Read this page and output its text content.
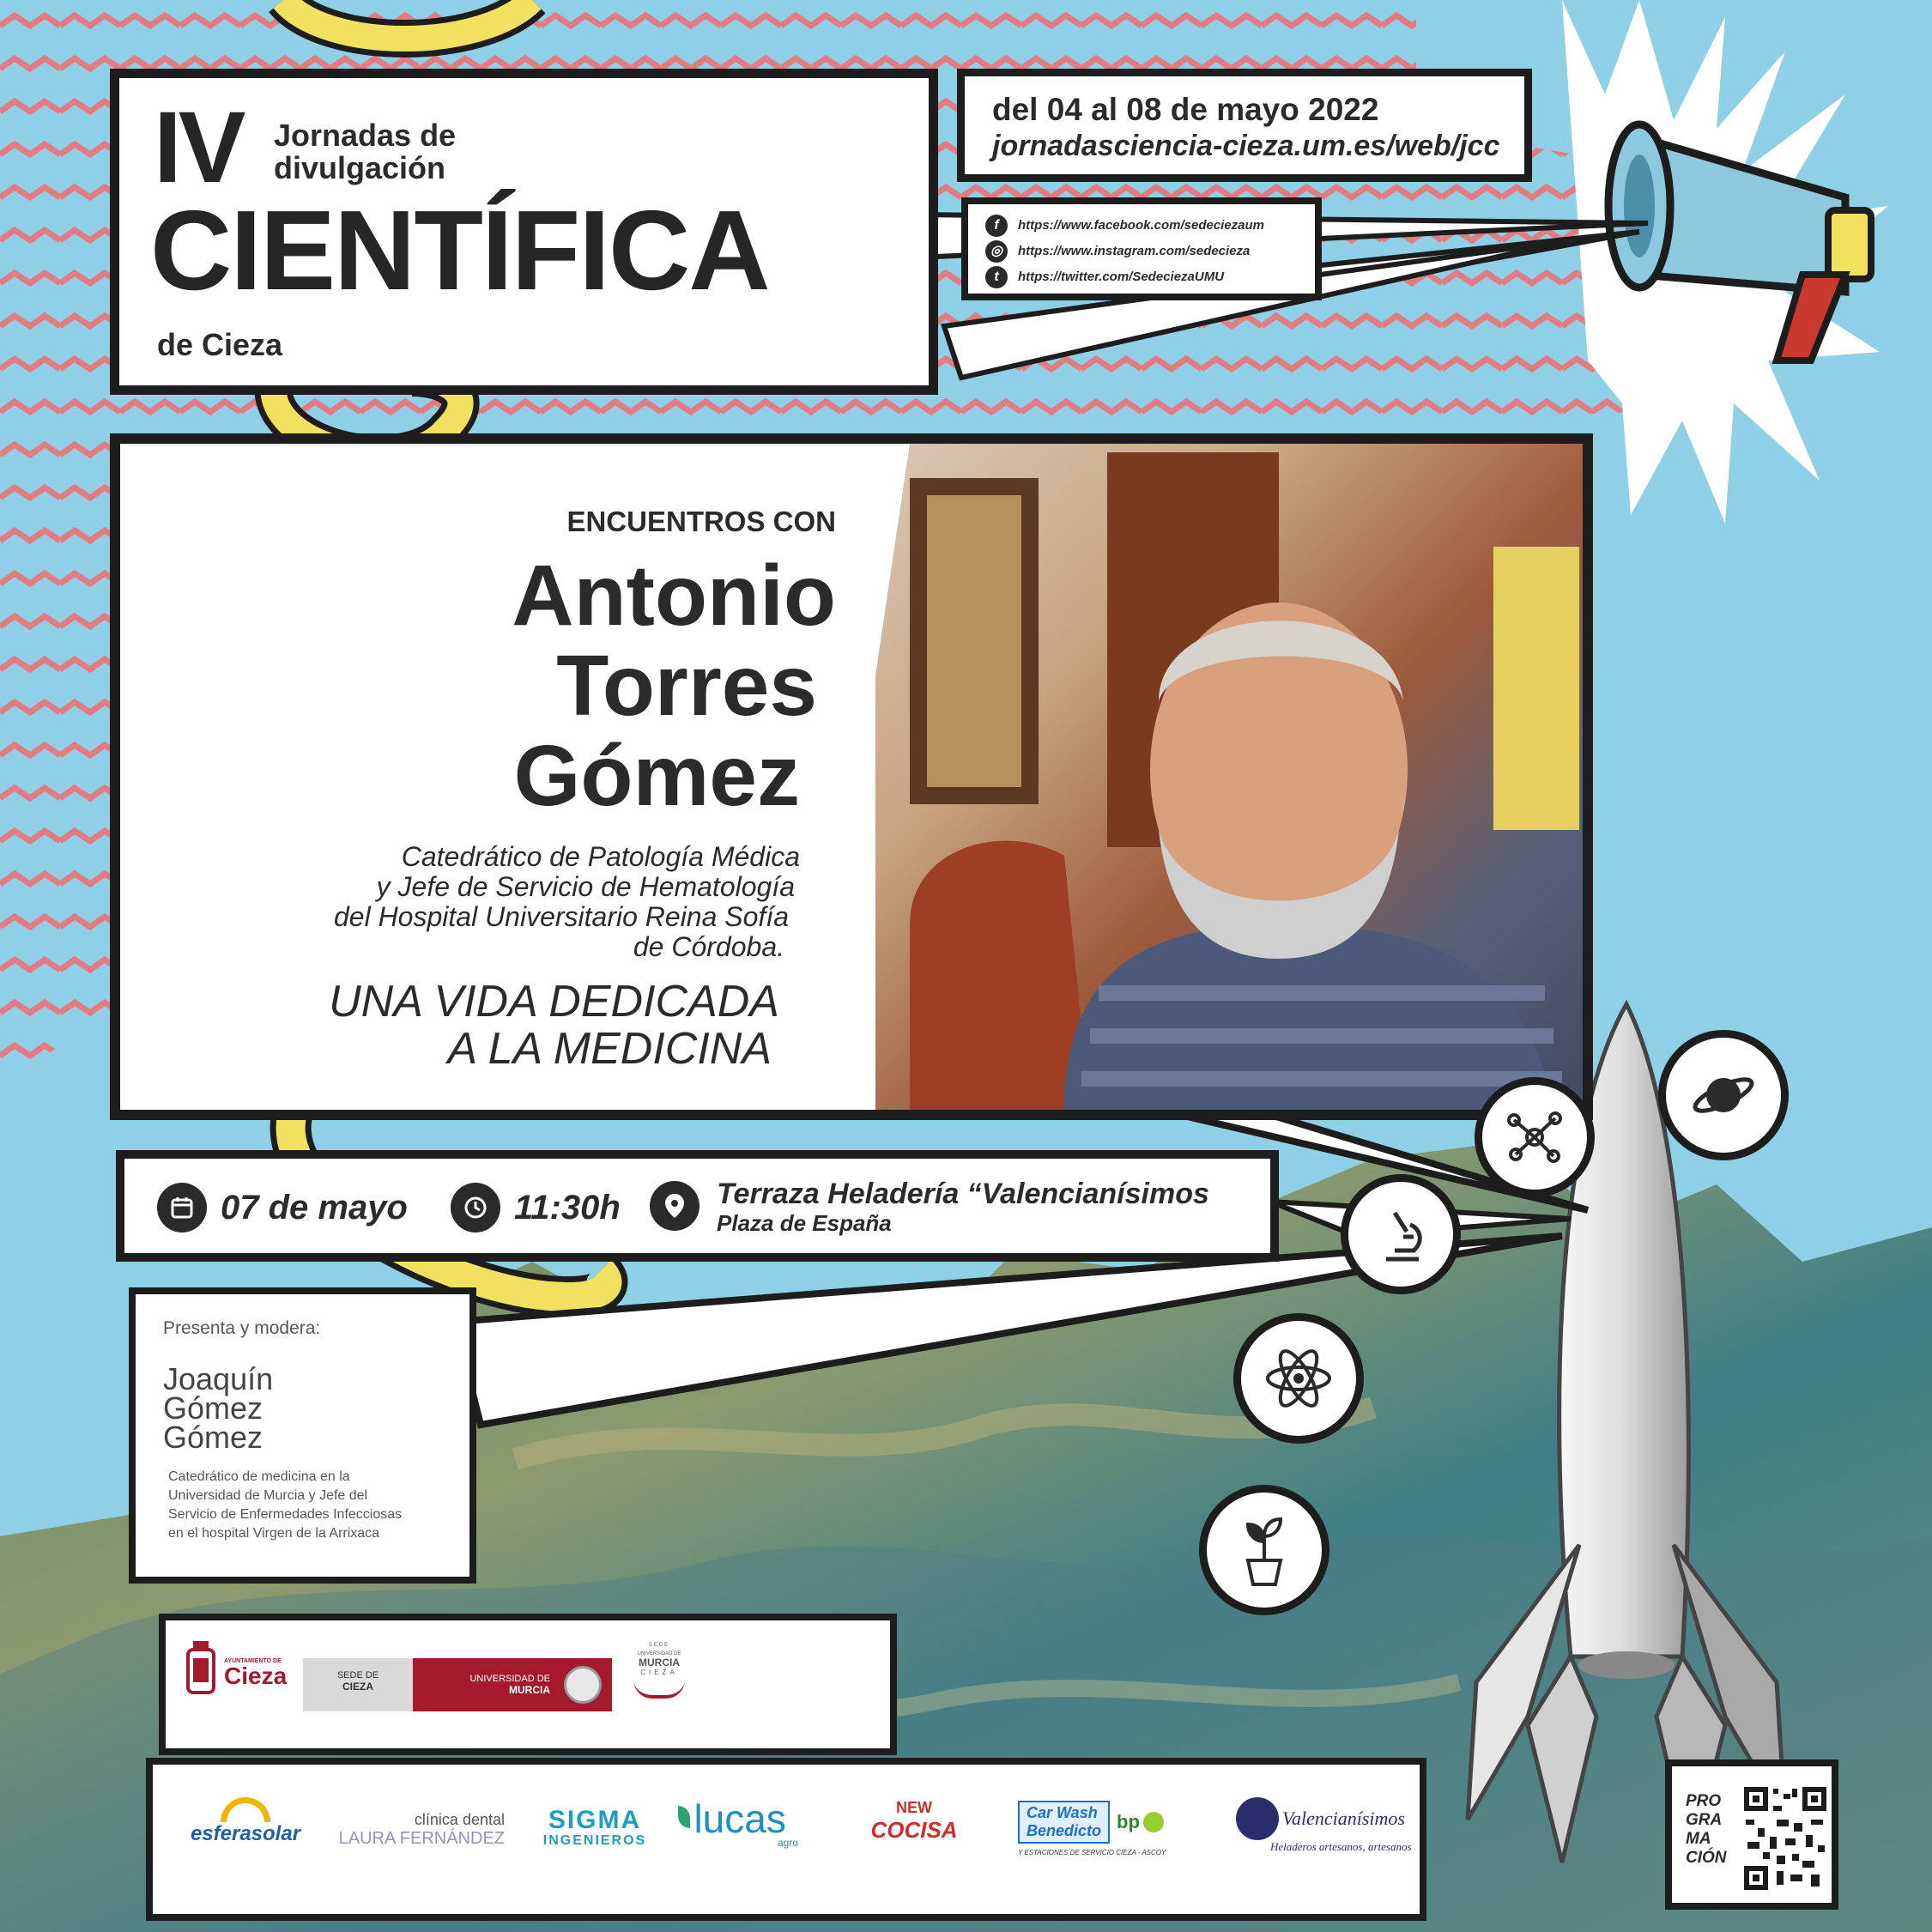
IV Jornadas de
divulgación
CIENTÍFICA
de Cieza
del 04 al 08 de mayo 2022
jornadasciencia-cieza.um.es/web/jcc
f https://www.facebook.com/sedeciezaum
◎ https://www.instagram.com/sedecieza
t https://twitter.com/SedeciezaUMU
ENCUENTROS CON
Antonio
Torres
Gómez
Catedrático de Patología Médica
y Jefe de Servicio de Hematología
del Hospital Universitario Reina Sofía
de Córdoba.
UNA VIDA DEDICADA
A LA MEDICINA
07 de mayo	11:30h	Terraza Heladería “Valencianísimos
Plaza de España
Presenta y modera:
Joaquín
Gómez
Gómez
Catedrático de medicina en la
Universidad de Murcia y Jefe del
Servicio de Enfermedades Infecciosas
en el hospital Virgen de la Arrixaca
AYUNTAMIENTO DE
Cieza	SEDE DE
CIEZA
UNIVERSIDAD DE
MURCIA
SEDE
UNIVERSIDAD DE
MURCIA
CIEZA
esferasolar
clínica dental
LAURA FERNÁNDEZ
SIGMA
INGENIEROS	lucas
agro
NEW
COCISA
Car Wash
Benedicto bp
Y ESTACIONES DE SERVICIO CIEZA - ASCOY
Valencianísimos
Heladeros artesanos, artesanos
PRO
GRA
MA
CIÓN
